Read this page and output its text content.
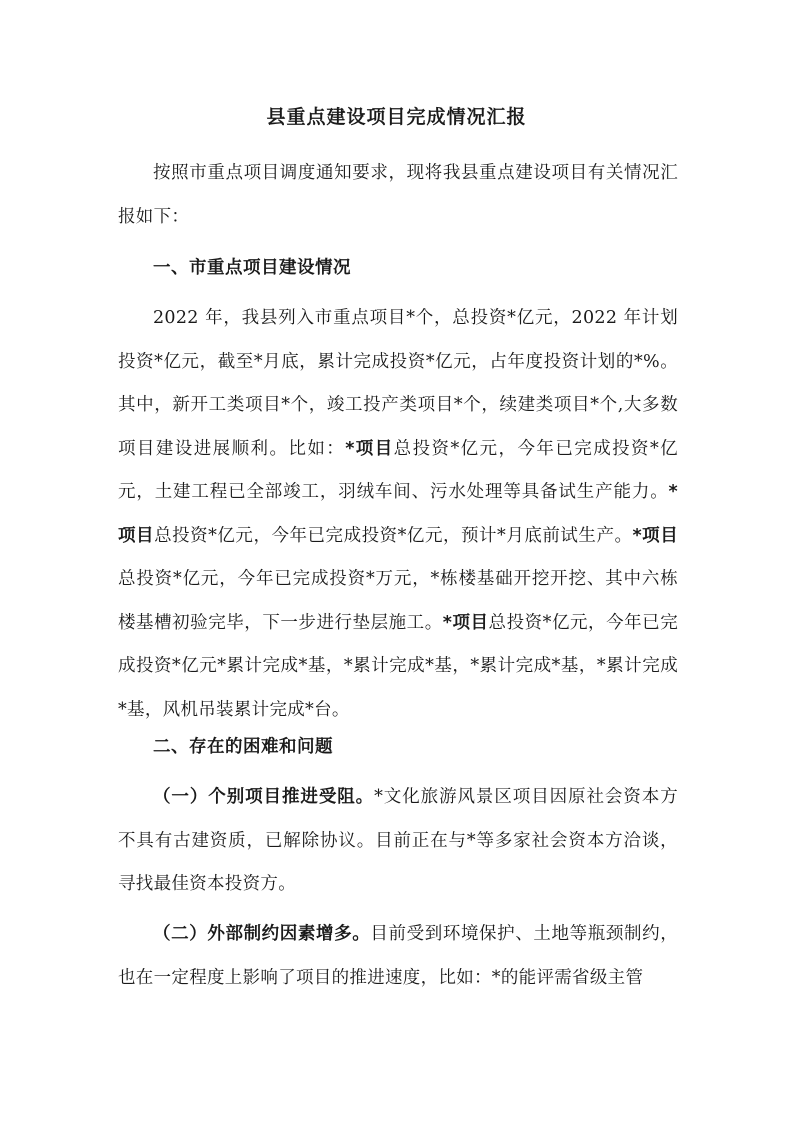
县重点建设项目完成情况汇报

按照市重点项目调度通知要求，现将我县重点建设项目有关情况汇报如下：

一、市重点项目建设情况

2022 年，我县列入市重点项目*个，总投资*亿元，2022 年计划投资*亿元，截至*月底，累计完成投资*亿元，占年度投资计划的*%。其中，新开工类项目*个，竣工投产类项目*个，续建类项目*个,大多数项目建设进展顺利。比如：*项目总投资*亿元，今年已完成投资*亿元，土建工程已全部竣工，羽绒车间、污水处理等具备试生产能力。*项目总投资*亿元，今年已完成投资*亿元，预计*月底前试生产。*项目总投资*亿元，今年已完成投资*万元，*栋楼基础开挖开挖、其中六栋楼基槽初验完毕，下一步进行垫层施工。*项目总投资*亿元，今年已完成投资*亿元*累计完成*基，*累计完成*基，*累计完成*基，*累计完成*基，风机吊装累计完成*台。

二、存在的困难和问题

（一）个别项目推进受阻。*文化旅游风景区项目因原社会资本方不具有古建资质，已解除协议。目前正在与*等多家社会资本方洽谈，寻找最佳资本投资方。

（二）外部制约因素增多。目前受到环境保护、土地等瓶颈制约，也在一定程度上影响了项目的推进速度，比如：*的能评需省级主管
